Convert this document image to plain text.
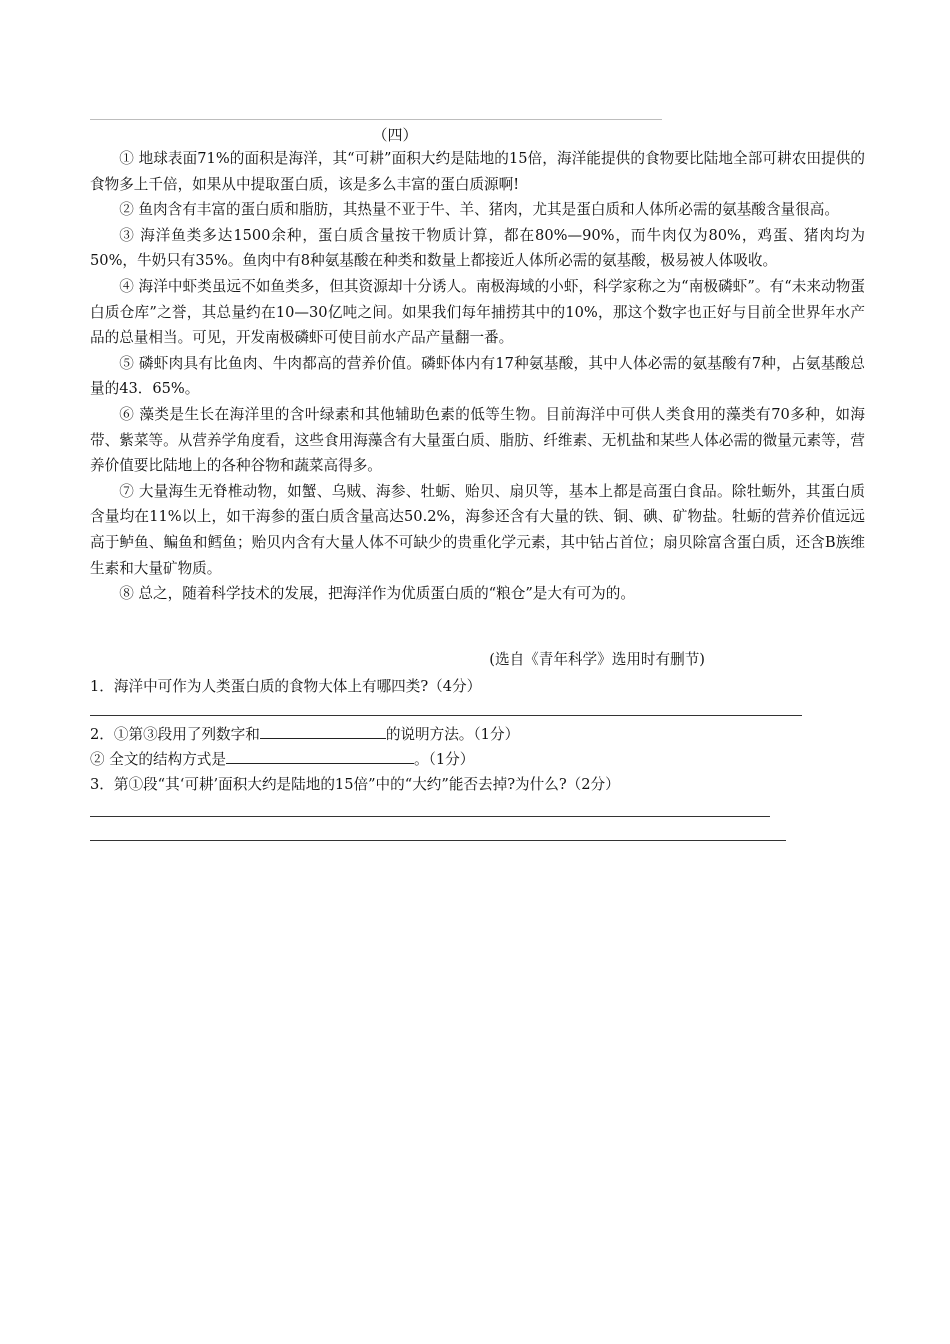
（四）

① 地球表面71%的面积是海洋，其“可耕”面积大约是陆地的15倍，海洋能提供的食物要比陆地全部可耕农田提供的食物多上千倍，如果从中提取蛋白质，该是多么丰富的蛋白质源啊!

② 鱼肉含有丰富的蛋白质和脂肪，其热量不亚于牛、羊、猪肉，尤其是蛋白质和人体所必需的氨基酸含量很高。

③ 海洋鱼类多达1500余种，蛋白质含量按干物质计算，都在80%—90%，而牛肉仅为80%，鸡蛋、猪肉均为50%，牛奶只有35%。鱼肉中有8种氨基酸在种类和数量上都接近人体所必需的氨基酸，极易被人体吸收。

④ 海洋中虾类虽远不如鱼类多，但其资源却十分诱人。南极海域的小虾，科学家称之为“南极磷虾”。有“未来动物蛋白质仓库”之誉，其总量约在10—30亿吨之间。如果我们每年捕捞其中的10%，那这个数字也正好与目前全世界年水产品的总量相当。可见，开发南极磷虾可使目前水产品产量翻一番。

⑤ 磷虾肉具有比鱼肉、牛肉都高的营养价值。磷虾体内有17种氨基酸，其中人体必需的氨基酸有7种，占氨基酸总量的43．65%。

⑥ 藻类是生长在海洋里的含叶绿素和其他辅助色素的低等生物。目前海洋中可供人类食用的藻类有70多种，如海带、紫菜等。从营养学角度看，这些食用海藻含有大量蛋白质、脂肪、纤维素、无机盐和某些人体必需的微量元素等，营养价值要比陆地上的各种谷物和蔬菜高得多。

⑦ 大量海生无脊椎动物，如蟹、乌贼、海参、牡蛎、贻贝、扇贝等，基本上都是高蛋白食品。除牡蛎外，其蛋白质含量均在11%以上，如干海参的蛋白质含量高达50.2%，海参还含有大量的铁、铜、碘、矿物盐。牡蛎的营养价值远远高于鲈鱼、鳊鱼和鳕鱼；贻贝内含有大量人体不可缺少的贵重化学元素，其中钴占首位；扇贝除富含蛋白质，还含B族维生素和大量矿物质。

⑧ 总之，随着科学技术的发展，把海洋作为优质蛋白质的“粮仓”是大有可为的。

(选自《青年科学》选用时有删节)
1．海洋中可作为人类蛋白质的食物大体上有哪四类?（4分）
2．①第③段用了列数字和	的说明方法。（1分）
② 全文的结构方式是	。（1分）
3．第①段“其‘可耕’面积大约是陆地的15倍”中的“大约”能否去掉?为什么?（2分）
